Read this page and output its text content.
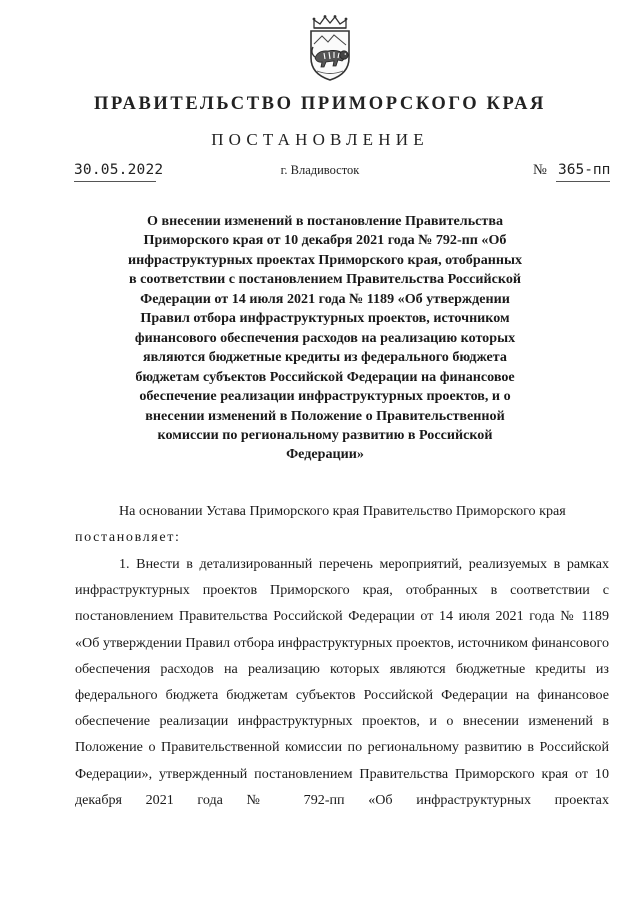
ПРАВИТЕЛЬСТВО ПРИМОРСКОГО КРАЯ
ПОСТАНОВЛЕНИЕ
30.05.2022	г. Владивосток	№ 365-пп

О внесении изменений в постановление Правительства Приморского края от 10 декабря 2021 года № 792-пп «Об инфраструктурных проектах Приморского края, отобранных в соответствии с постановлением Правительства Российской Федерации от 14 июля 2021 года № 1189 «Об утверждении Правил отбора инфраструктурных проектов, источником финансового обеспечения расходов на реализацию которых являются бюджетные кредиты из федерального бюджета бюджетам субъектов Российской Федерации на финансовое обеспечение реализации инфраструктурных проектов, и о внесении изменений в Положение о Правительственной комиссии по региональному развитию в Российской Федерации»

На основании Устава Приморского края Правительство Приморского края

постановляет:

1. Внести в детализированный перечень мероприятий, реализуемых в рамках инфраструктурных проектов Приморского края, отобранных в соответствии с постановлением Правительства Российской Федерации от 14 июля 2021 года № 1189 «Об утверждении Правил отбора инфраструктурных проектов, источником финансового обеспечения расходов на реализацию которых являются бюджетные кредиты из федерального бюджета бюджетам субъектов Российской Федерации на финансовое обеспечение реализации инфраструктурных проектов, и о внесении изменений в Положение о Правительственной комиссии по региональному развитию в Российской Федерации», утвержденный постановлением Правительства Приморского края от 10 декабря 2021 года № 792-пп «Об инфраструктурных проектах
